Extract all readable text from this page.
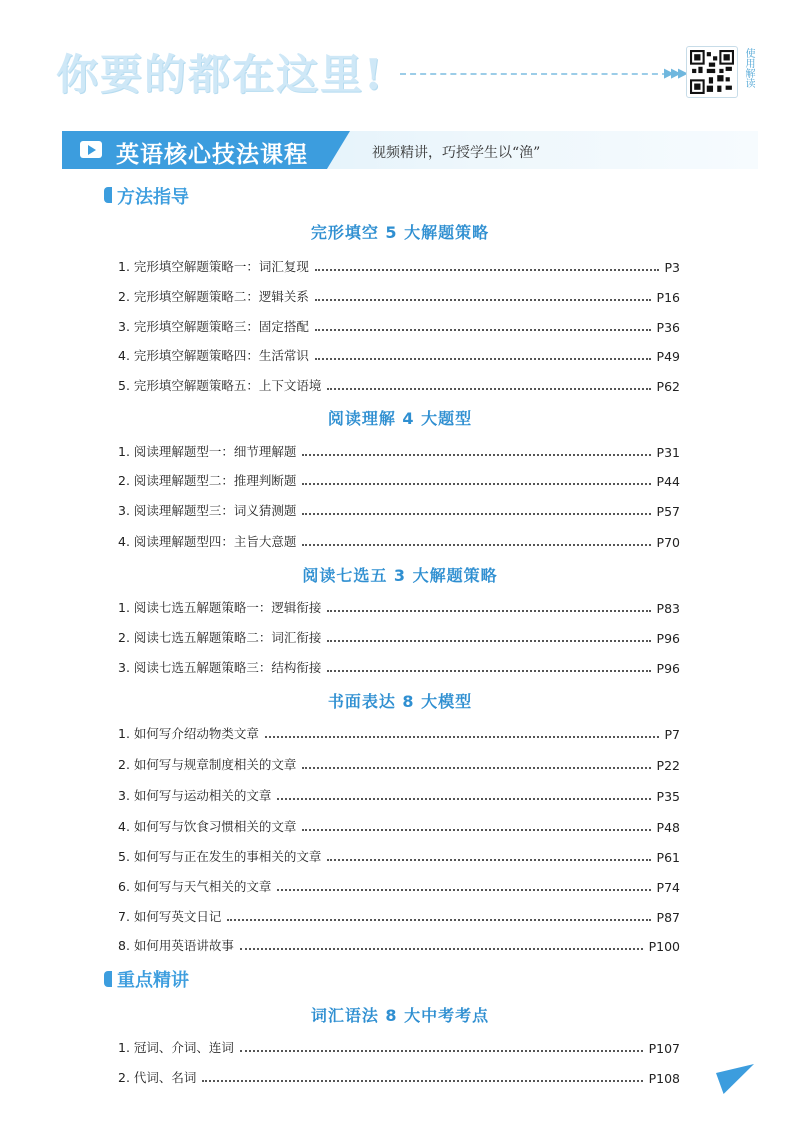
你要的都在这里!	▶▶▶	使用解读
英语核心技法课程	视频精讲，巧授学生以“渔”
方法指导
完形填空 5 大解题策略
1. 完形填空解题策略一：词汇复现	P3
2. 完形填空解题策略二：逻辑关系	P16
3. 完形填空解题策略三：固定搭配	P36
4. 完形填空解题策略四：生活常识	P49
5. 完形填空解题策略五：上下文语境	P62
阅读理解 4 大题型
1. 阅读理解题型一：细节理解题	P31
2. 阅读理解题型二：推理判断题	P44
3. 阅读理解题型三：词义猜测题	P57
4. 阅读理解题型四：主旨大意题	P70
阅读七选五 3 大解题策略
1. 阅读七选五解题策略一：逻辑衔接	P83
2. 阅读七选五解题策略二：词汇衔接	P96
3. 阅读七选五解题策略三：结构衔接	P96
书面表达 8 大模型
1. 如何写介绍动物类文章	P7
2. 如何写与规章制度相关的文章	P22
3. 如何写与运动相关的文章	P35
4. 如何写与饮食习惯相关的文章	P48
5. 如何写与正在发生的事相关的文章	P61
6. 如何写与天气相关的文章	P74
7. 如何写英文日记	P87
8. 如何用英语讲故事	P100
重点精讲
词汇语法 8 大中考考点
1. 冠词、介词、连词	P107
2. 代词、名词	P108
